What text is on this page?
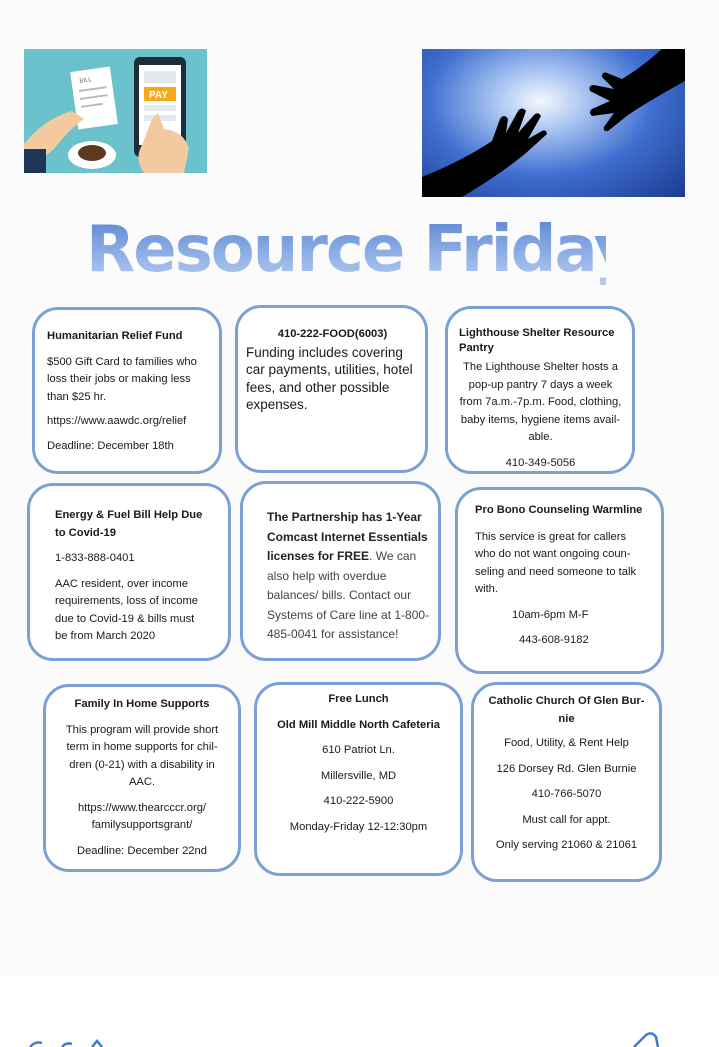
BILL
PAY
Resource Friday

Humanitarian Relief Fund

$500 Gift Card to families who loss their jobs or making less than $25 hr.

https://www.aawdc.org/relief

Deadline: December 18th

410-222-FOOD(6003)

Funding includes covering car payments, utilities, hotel fees, and other possible expenses.

Lighthouse Shelter Resource Pantry

The Lighthouse Shelter hosts a pop-up pantry 7 days a week from 7a.m.-7p.m. Food, clothing, baby items, hygiene items avail-able.

410-349-5056

Energy & Fuel Bill Help Due to Covid-19

1-833-888-0401

AAC resident, over income requirements, loss of income due to Covid-19 & bills must be from March 2020

The Partnership has 1-Year Comcast Internet Essentials licenses for FREE. We can also help with overdue balances/ bills. Contact our Systems of Care line at 1-800-485-0041 for assistance!

Pro Bono Counseling Warmline

This service is great for callers who do not want ongoing coun-seling and need someone to talk with.

10am-6pm M-F

443-608-9182

Family In Home Supports

This program will provide short term in home supports for chil-dren (0-21) with a disability in AAC.

https://www.thearcccr.org/ familysupportsgrant/

Deadline: December 22nd

Free Lunch

Old Mill Middle North Cafeteria

610 Patriot Ln.

Millersville, MD

410-222-5900

Monday-Friday 12-12:30pm

Catholic Church Of Glen Bur-nie

Food, Utility, & Rent Help

126 Dorsey Rd. Glen Burnie

410-766-5070

Must call for appt.

Only serving 21060 & 21061
